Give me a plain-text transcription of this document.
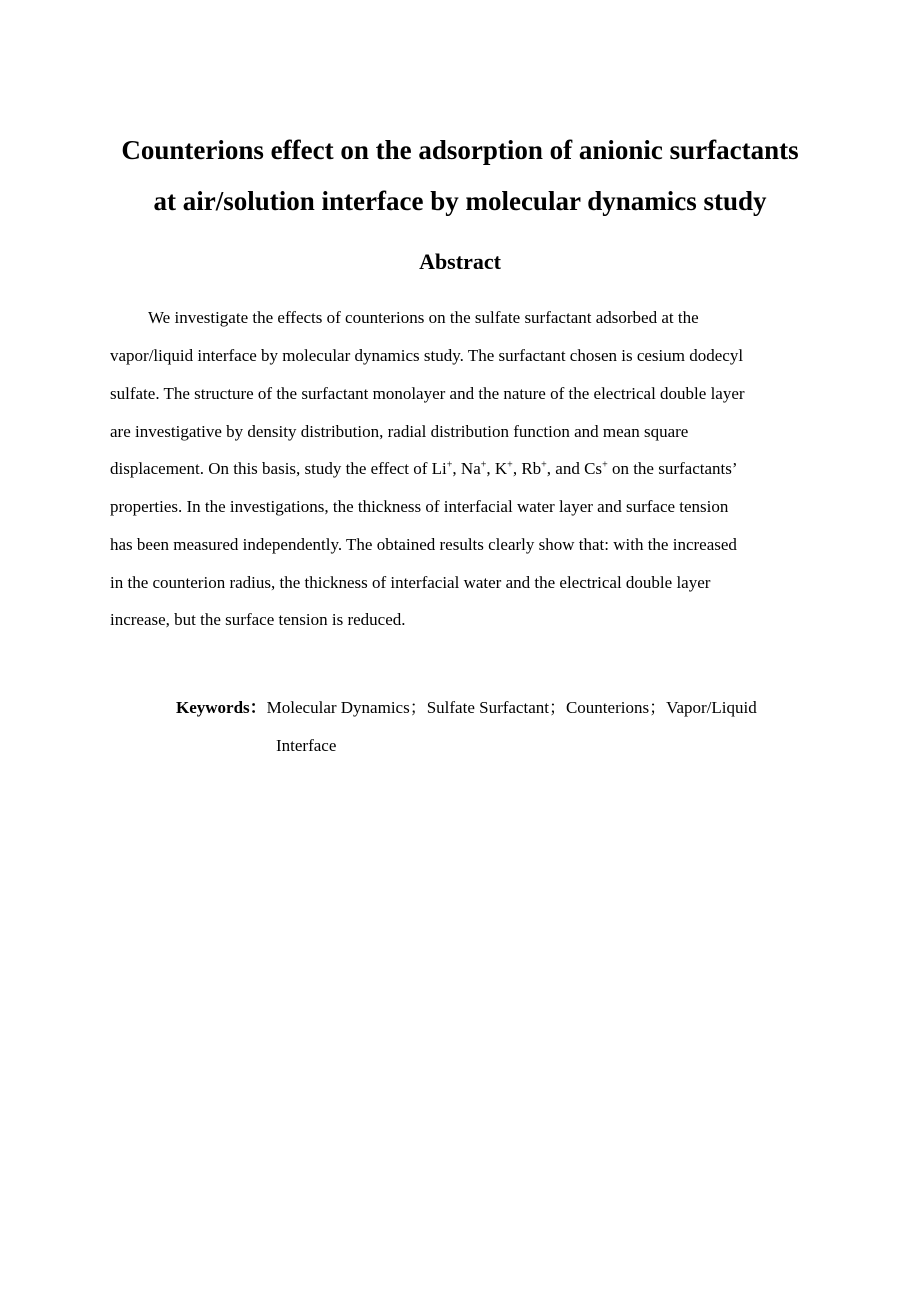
Counterions effect on the adsorption of anionic surfactants
at air/solution interface by molecular dynamics study
Abstract

We investigate the effects of counterions on the sulfate surfactant adsorbed at the

vapor/liquid interface by molecular dynamics study. The surfactant chosen is cesium dodecyl

sulfate. The structure of the surfactant monolayer and the nature of the electrical double layer

are investigative by density distribution, radial distribution function and mean square

displacement. On this basis, study the effect of Li+, Na+, K+, Rb+, and Cs+ on the surfactants’

properties. In the investigations, the thickness of interfacial water layer and surface tension

has been measured independently. The obtained results clearly show that: with the increased

in the counterion radius, the thickness of interfacial water and the electrical double layer

increase, but the surface tension is reduced.

Keywords：Molecular Dynamics；Sulfate Surfactant；Counterions；Vapor/Liquid
Interface
